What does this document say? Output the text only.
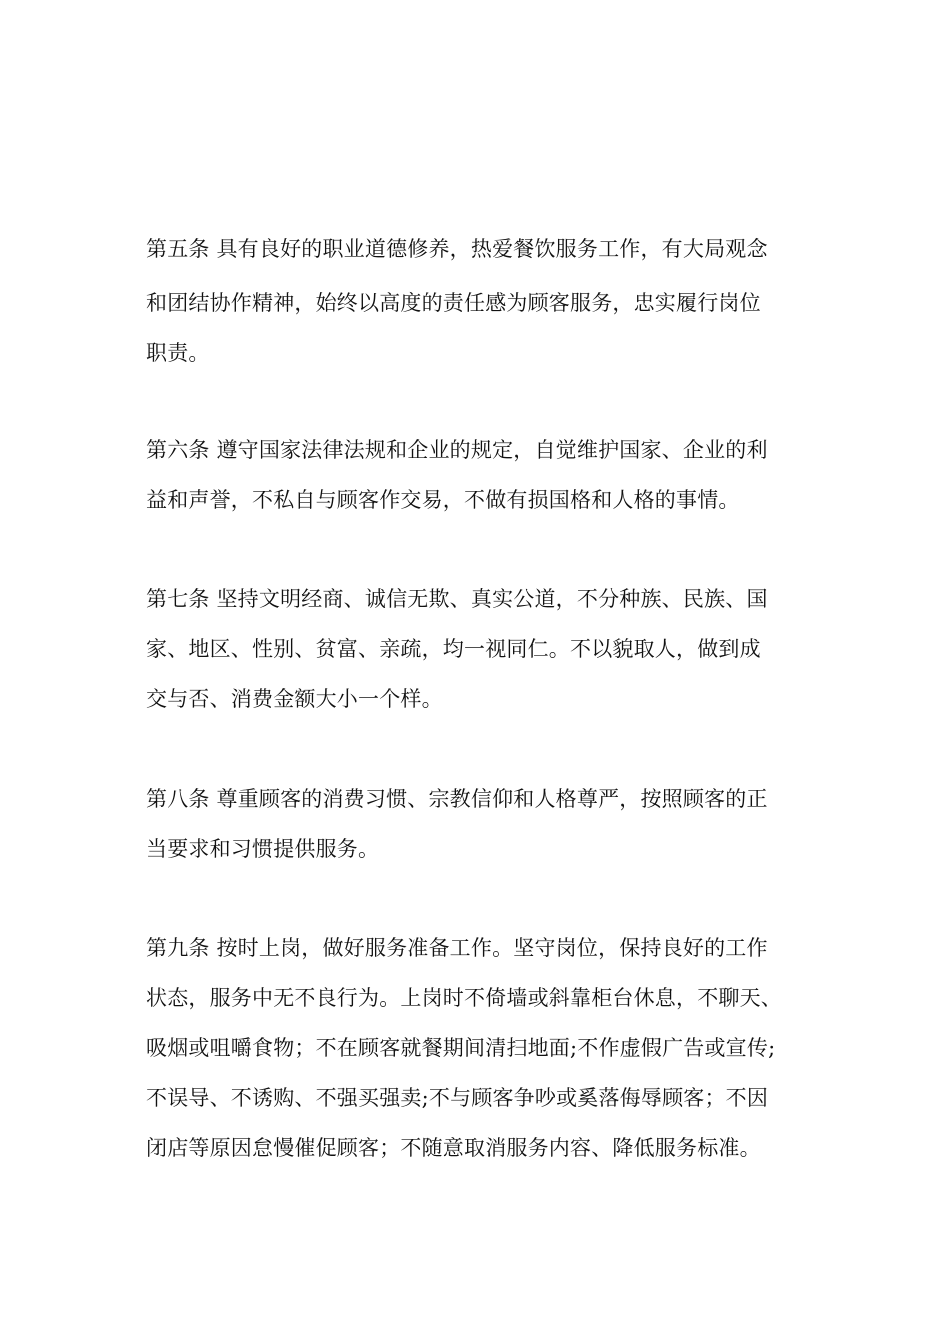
第五条 具有良好的职业道德修养，热爱餐饮服务工作，有大局观念
和团结协作精神，始终以高度的责任感为顾客服务，忠实履行岗位
职责。
第六条 遵守国家法律法规和企业的规定，自觉维护国家、企业的利
益和声誉，不私自与顾客作交易，不做有损国格和人格的事情。
第七条 坚持文明经商、诚信无欺、真实公道，不分种族、民族、国
家、地区、性别、贫富、亲疏，均一视同仁。不以貌取人，做到成
交与否、消费金额大小一个样。
第八条 尊重顾客的消费习惯、宗教信仰和人格尊严，按照顾客的正
当要求和习惯提供服务。
第九条 按时上岗，做好服务准备工作。坚守岗位，保持良好的工作
状态，服务中无不良行为。上岗时不倚墙或斜靠柜台休息，不聊天、
吸烟或咀嚼食物；不在顾客就餐期间清扫地面;不作虚假广告或宣传;
不误导、不诱购、不强买强卖;不与顾客争吵或奚落侮辱顾客；不因
闭店等原因怠慢催促顾客；不随意取消服务内容、降低服务标准。
